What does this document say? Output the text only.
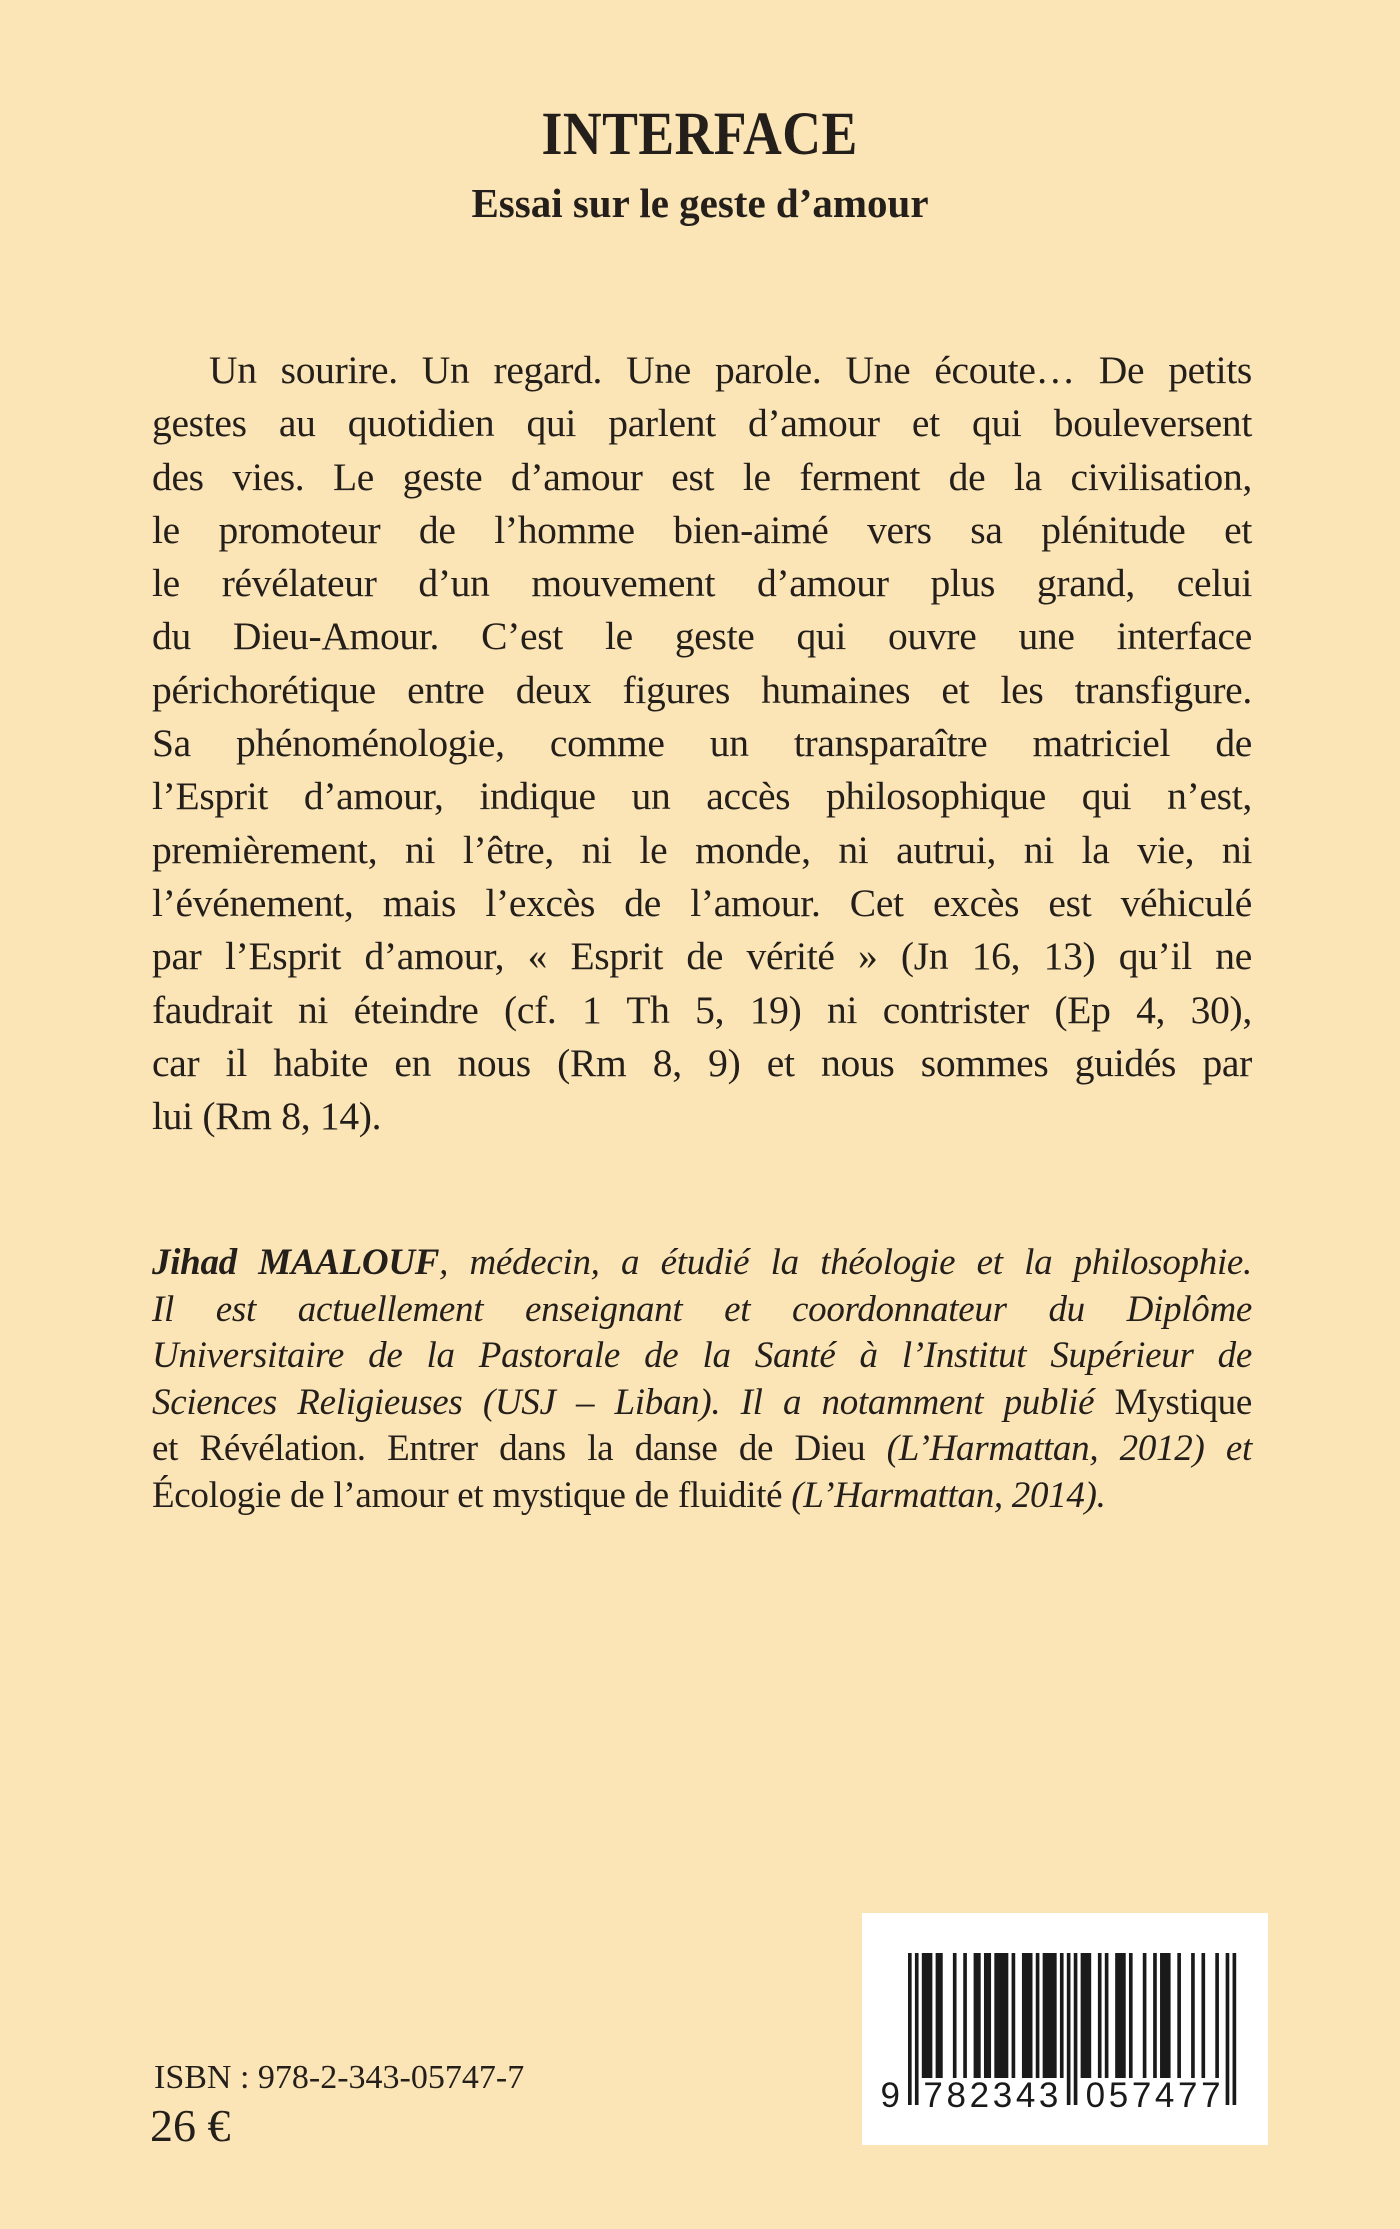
INTERFACE
Essai sur le geste d’amour
Un sourire. Un regard. Une parole. Une écoute… De petits
gestes au quotidien qui parlent d’amour et qui bouleversent
des vies. Le geste d’amour est le ferment de la civilisation,
le promoteur de l’homme bien-aimé vers sa plénitude et
le révélateur d’un mouvement d’amour plus grand, celui
du Dieu-Amour. C’est le geste qui ouvre une interface
périchorétique entre deux figures humaines et les transfigure.
Sa phénoménologie, comme un transparaître matriciel de
l’Esprit d’amour, indique un accès philosophique qui n’est,
premièrement, ni l’être, ni le monde, ni autrui, ni la vie, ni
l’événement, mais l’excès de l’amour. Cet excès est véhiculé
par l’Esprit d’amour, « Esprit de vérité » (Jn 16, 13) qu’il ne
faudrait ni éteindre (cf. 1 Th 5, 19) ni contrister (Ep 4, 30),
car il habite en nous (Rm 8, 9) et nous sommes guidés par
lui (Rm 8, 14).
Jihad MAALOUF, médecin, a étudié la théologie et la philosophie.
Il est actuellement enseignant et coordonnateur du Diplôme
Universitaire de la Pastorale de la Santé à l’Institut Supérieur de
Sciences Religieuses (USJ – Liban). Il a notamment publié Mystique
et Révélation. Entrer dans la danse de Dieu (L’Harmattan, 2012) et
Écologie de l’amour et mystique de fluidité (L’Harmattan, 2014).
ISBN : 978-2-343-05747-7
26 €
9 782343 057477
